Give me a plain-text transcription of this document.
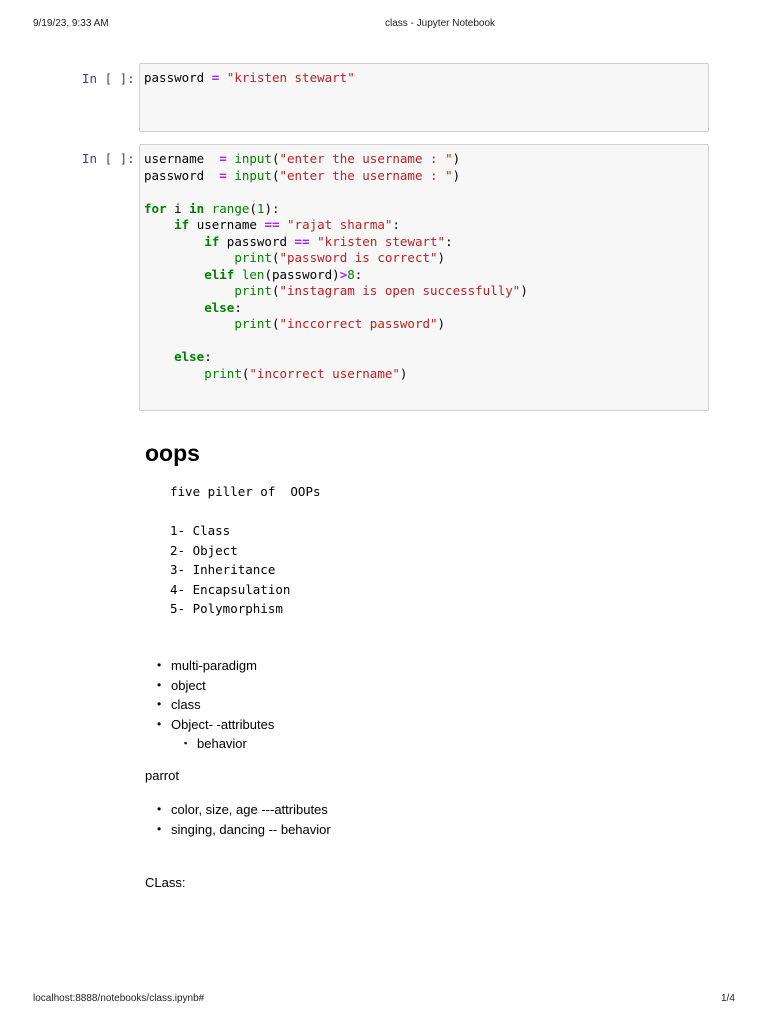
9/19/23, 9:33 AM	class - Jupyter Notebook
In [ ]: password = "kristen stewart"
In [ ]: username  = input("enter the username : ")
password  = input("enter the username : ")

for i in range(1):
if username == "rajat sharma":
if password == "kristen stewart":
print("password is correct")
elif len(password)>8:
print("instagram is open successfully")
else:
print("inccorrect password")

else:
print("incorrect username")
oops
five piller of  OOPs

1- Class
2- Object
3- Inheritance
4- Encapsulation
5- Polymorphism
• multi-paradigm
• object
• class
• Object- -attributes
▪ behavior
parrot
• color, size, age ---attributes
• singing, dancing -- behavior
CLass:
localhost:8888/notebooks/class.ipynb#	1/4
